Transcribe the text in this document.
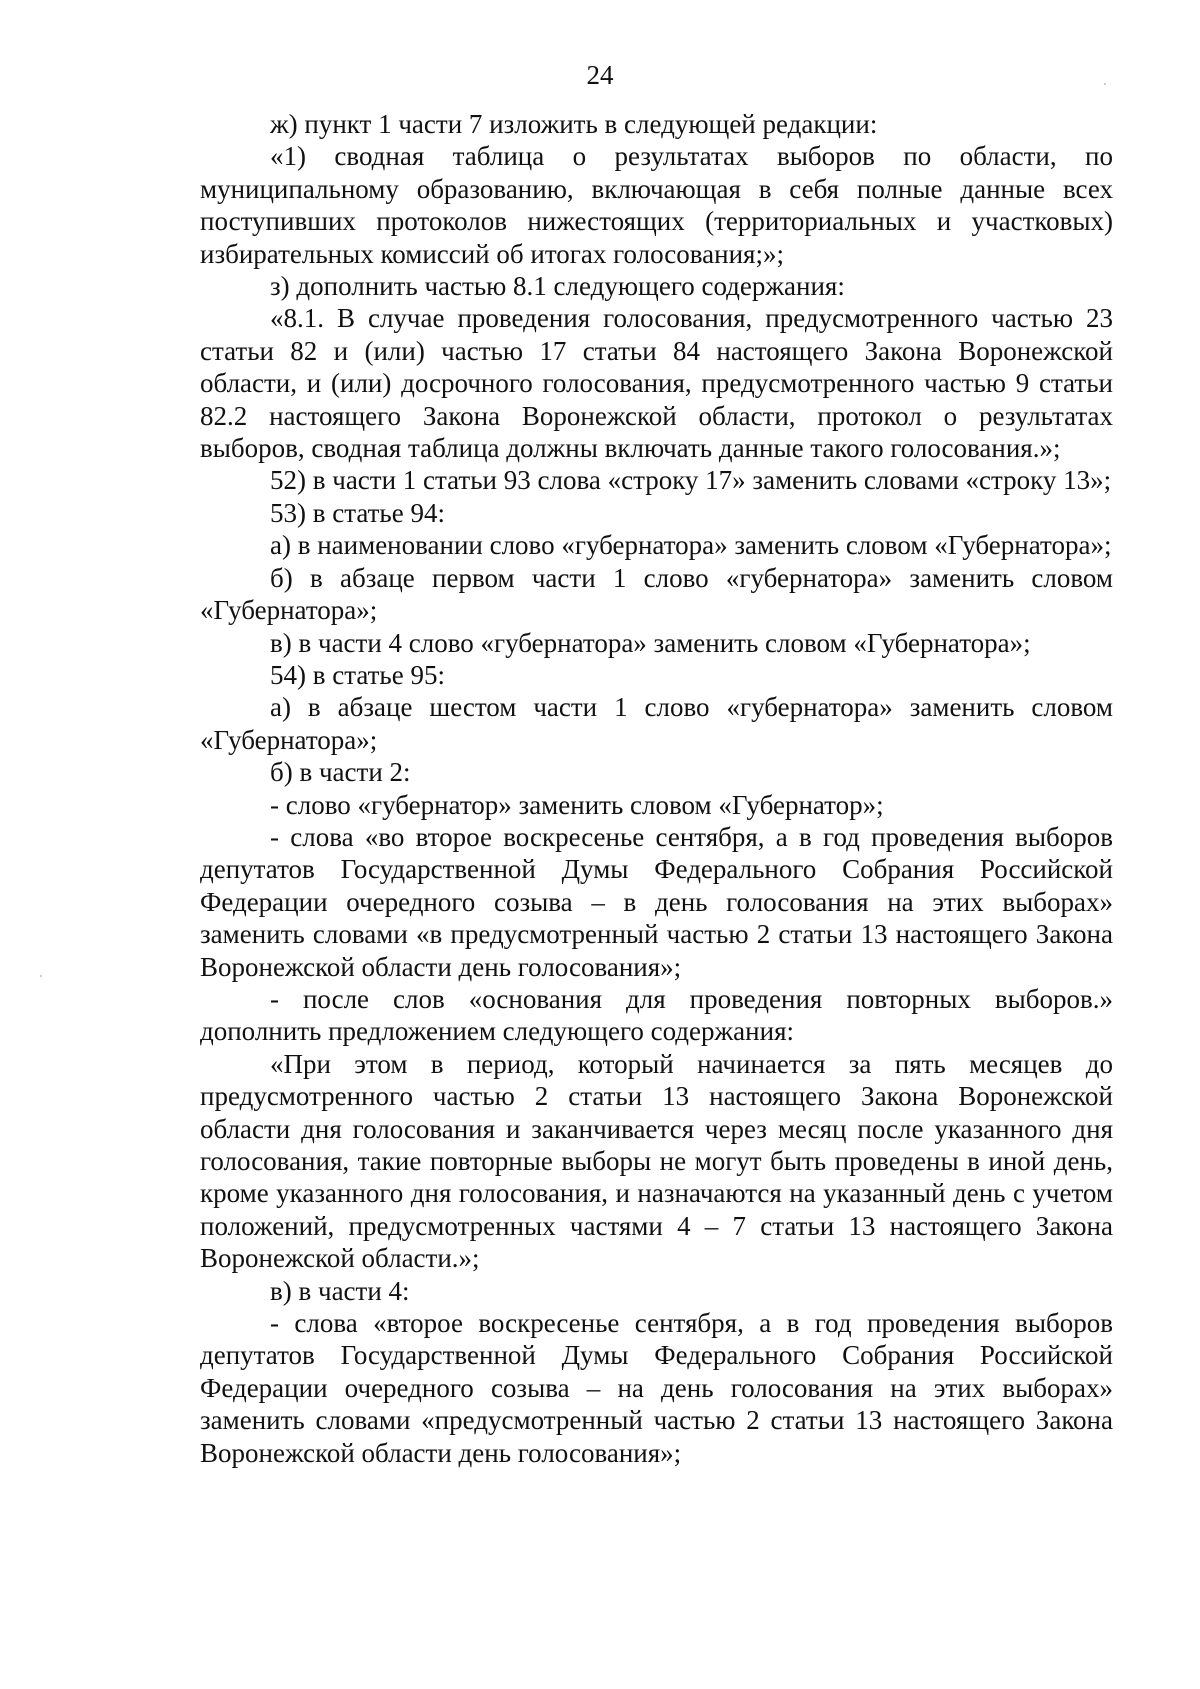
24

ж) пункт 1 части 7 изложить в следующей редакции:

«1) сводная таблица о результатах выборов по области, по муниципальному образованию, включающая в себя полные данные всех поступивших протоколов нижестоящих (территориальных и участковых) избирательных комиссий об итогах голосования;»;

з) дополнить частью 8.1 следующего содержания:

«8.1. В случае проведения голосования, предусмотренного частью 23 статьи 82 и (или) частью 17 статьи 84 настоящего Закона Воронежской области, и (или) досрочного голосования, предусмотренного частью 9 статьи 82.2 настоящего Закона Воронежской области, протокол о результатах выборов, сводная таблица должны включать данные такого голосования.»;

52) в части 1 статьи 93 слова «строку 17» заменить словами «строку 13»;

53) в статье 94:

а) в наименовании слово «губернатора» заменить словом «Губернатора»;

б) в абзаце первом части 1 слово «губернатора» заменить словом «Губернатора»;

в) в части 4 слово «губернатора» заменить словом «Губернатора»;

54) в статье 95:

а) в абзаце шестом части 1 слово «губернатора» заменить словом «Губернатора»;

б) в части 2:

- слово «губернатор» заменить словом «Губернатор»;

- слова «во второе воскресенье сентября, а в год проведения выборов депутатов Государственной Думы Федерального Собрания Российской Федерации очередного созыва – в день голосования на этих выборах» заменить словами «в предусмотренный частью 2 статьи 13 настоящего Закона Воронежской области день голосования»;

- после слов «основания для проведения повторных выборов.» дополнить предложением следующего содержания:

«При этом в период, который начинается за пять месяцев до предусмотренного частью 2 статьи 13 настоящего Закона Воронежской области дня голосования и заканчивается через месяц после указанного дня голосования, такие повторные выборы не могут быть проведены в иной день, кроме указанного дня голосования, и назначаются на указанный день с учетом положений, предусмотренных частями 4 – 7 статьи 13 настоящего Закона Воронежской области.»;

в) в части 4:

- слова «второе воскресенье сентября, а в год проведения выборов депутатов Государственной Думы Федерального Собрания Российской Федерации очередного созыва – на день голосования на этих выборах» заменить словами «предусмотренный частью 2 статьи 13 настоящего Закона Воронежской области день голосования»;
